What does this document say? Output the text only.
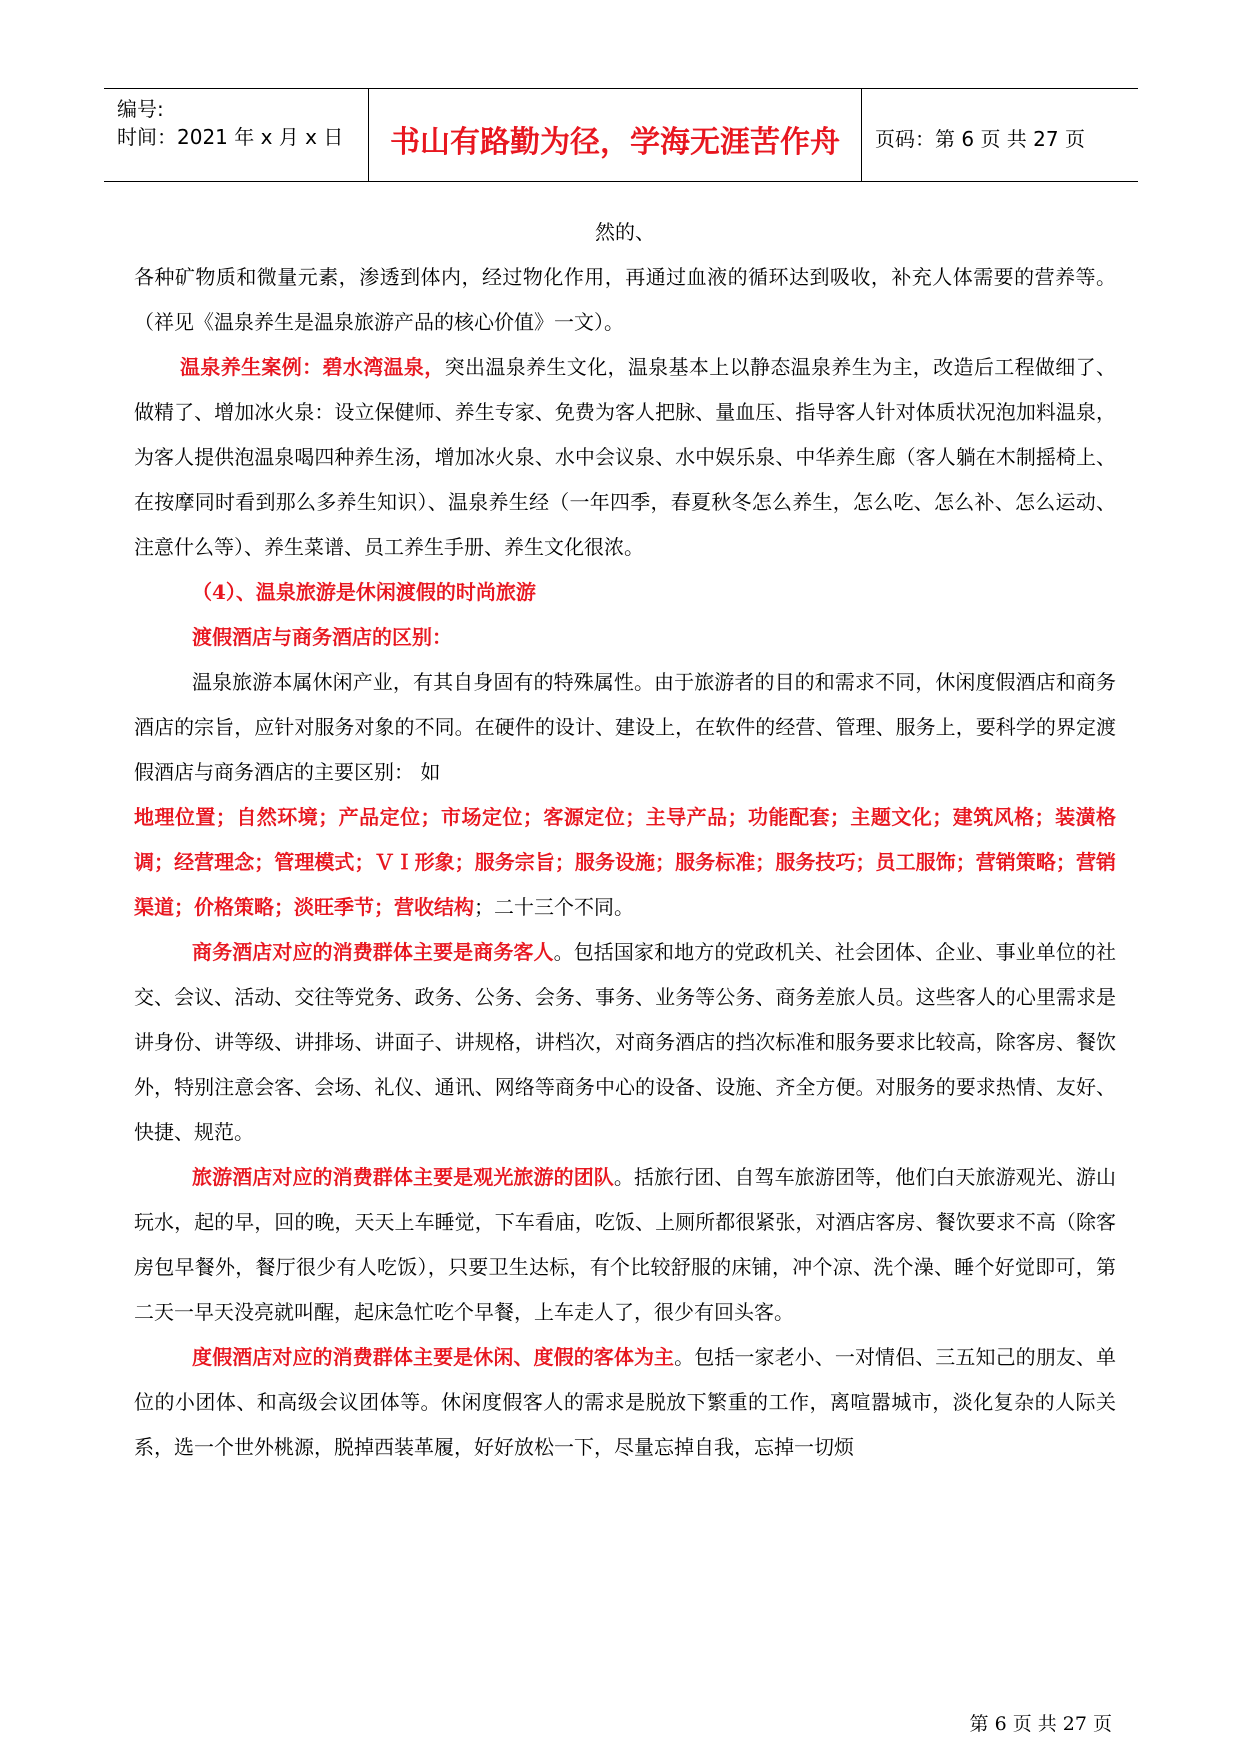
编号:
时间：2021 年 x 月 x 日	书山有路勤为径，学海无涯苦作舟	页码：第 6 页 共 27 页

然的、

各种矿物质和微量元素，渗透到体内，经过物化作用，再通过血液的循环达到吸收，补充人体需要的营养等。（祥见《温泉养生是温泉旅游产品的核心价值》一文）。

温泉养生案例：碧水湾温泉，突出温泉养生文化，温泉基本上以静态温泉养生为主，改造后工程做细了、做精了、增加冰火泉：设立保健师、养生专家、免费为客人把脉、量血压、指导客人针对体质状况泡加料温泉，为客人提供泡温泉喝四种养生汤，增加冰火泉、水中会议泉、水中娱乐泉、中华养生廊（客人躺在木制摇椅上、在按摩同时看到那么多养生知识）、温泉养生经（一年四季，春夏秋冬怎么养生，怎么吃、怎么补、怎么运动、注意什么等）、养生菜谱、员工养生手册、养生文化很浓。

（4）、温泉旅游是休闲渡假的时尚旅游

渡假酒店与商务酒店的区别：

温泉旅游本属休闲产业，有其自身固有的特殊属性。由于旅游者的目的和需求不同，休闲度假酒店和商务酒店的宗旨，应针对服务对象的不同。在硬件的设计、建设上，在软件的经营、管理、服务上，要科学的界定渡假酒店与商务酒店的主要区别： 如

地理位置；自然环境；产品定位；市场定位；客源定位；主导产品；功能配套；主题文化；建筑风格；装潢格调；经营理念；管理模式；ＶＩ形象；服务宗旨；服务设施；服务标准；服务技巧；员工服饰；营销策略；营销渠道；价格策略；淡旺季节；营收结构；二十三个不同。

商务酒店对应的消费群体主要是商务客人。包括国家和地方的党政机关、社会团体、企业、事业单位的社交、会议、活动、交往等党务、政务、公务、会务、事务、业务等公务、商务差旅人员。这些客人的心里需求是讲身份、讲等级、讲排场、讲面子、讲规格，讲档次，对商务酒店的挡次标准和服务要求比较高，除客房、餐饮外，特别注意会客、会场、礼仪、通讯、网络等商务中心的设备、设施、齐全方便。对服务的要求热情、友好、快捷、规范。

旅游酒店对应的消费群体主要是观光旅游的团队。括旅行团、自驾车旅游团等，他们白天旅游观光、游山玩水，起的早，回的晚，天天上车睡觉，下车看庙，吃饭、上厕所都很紧张，对酒店客房、餐饮要求不高（除客房包早餐外，餐厅很少有人吃饭），只要卫生达标，有个比较舒服的床铺，冲个凉、洗个澡、睡个好觉即可，第二天一早天没亮就叫醒，起床急忙吃个早餐，上车走人了，很少有回头客。

度假酒店对应的消费群体主要是休闲、度假的客体为主。包括一家老小、一对情侣、三五知己的朋友、单位的小团体、和高级会议团体等。休闲度假客人的需求是脱放下繁重的工作，离喧嚣城市，淡化复杂的人际关系，选一个世外桃源，脱掉西装革履，好好放松一下，尽量忘掉自我，忘掉一切烦

第 6 页 共 27 页
